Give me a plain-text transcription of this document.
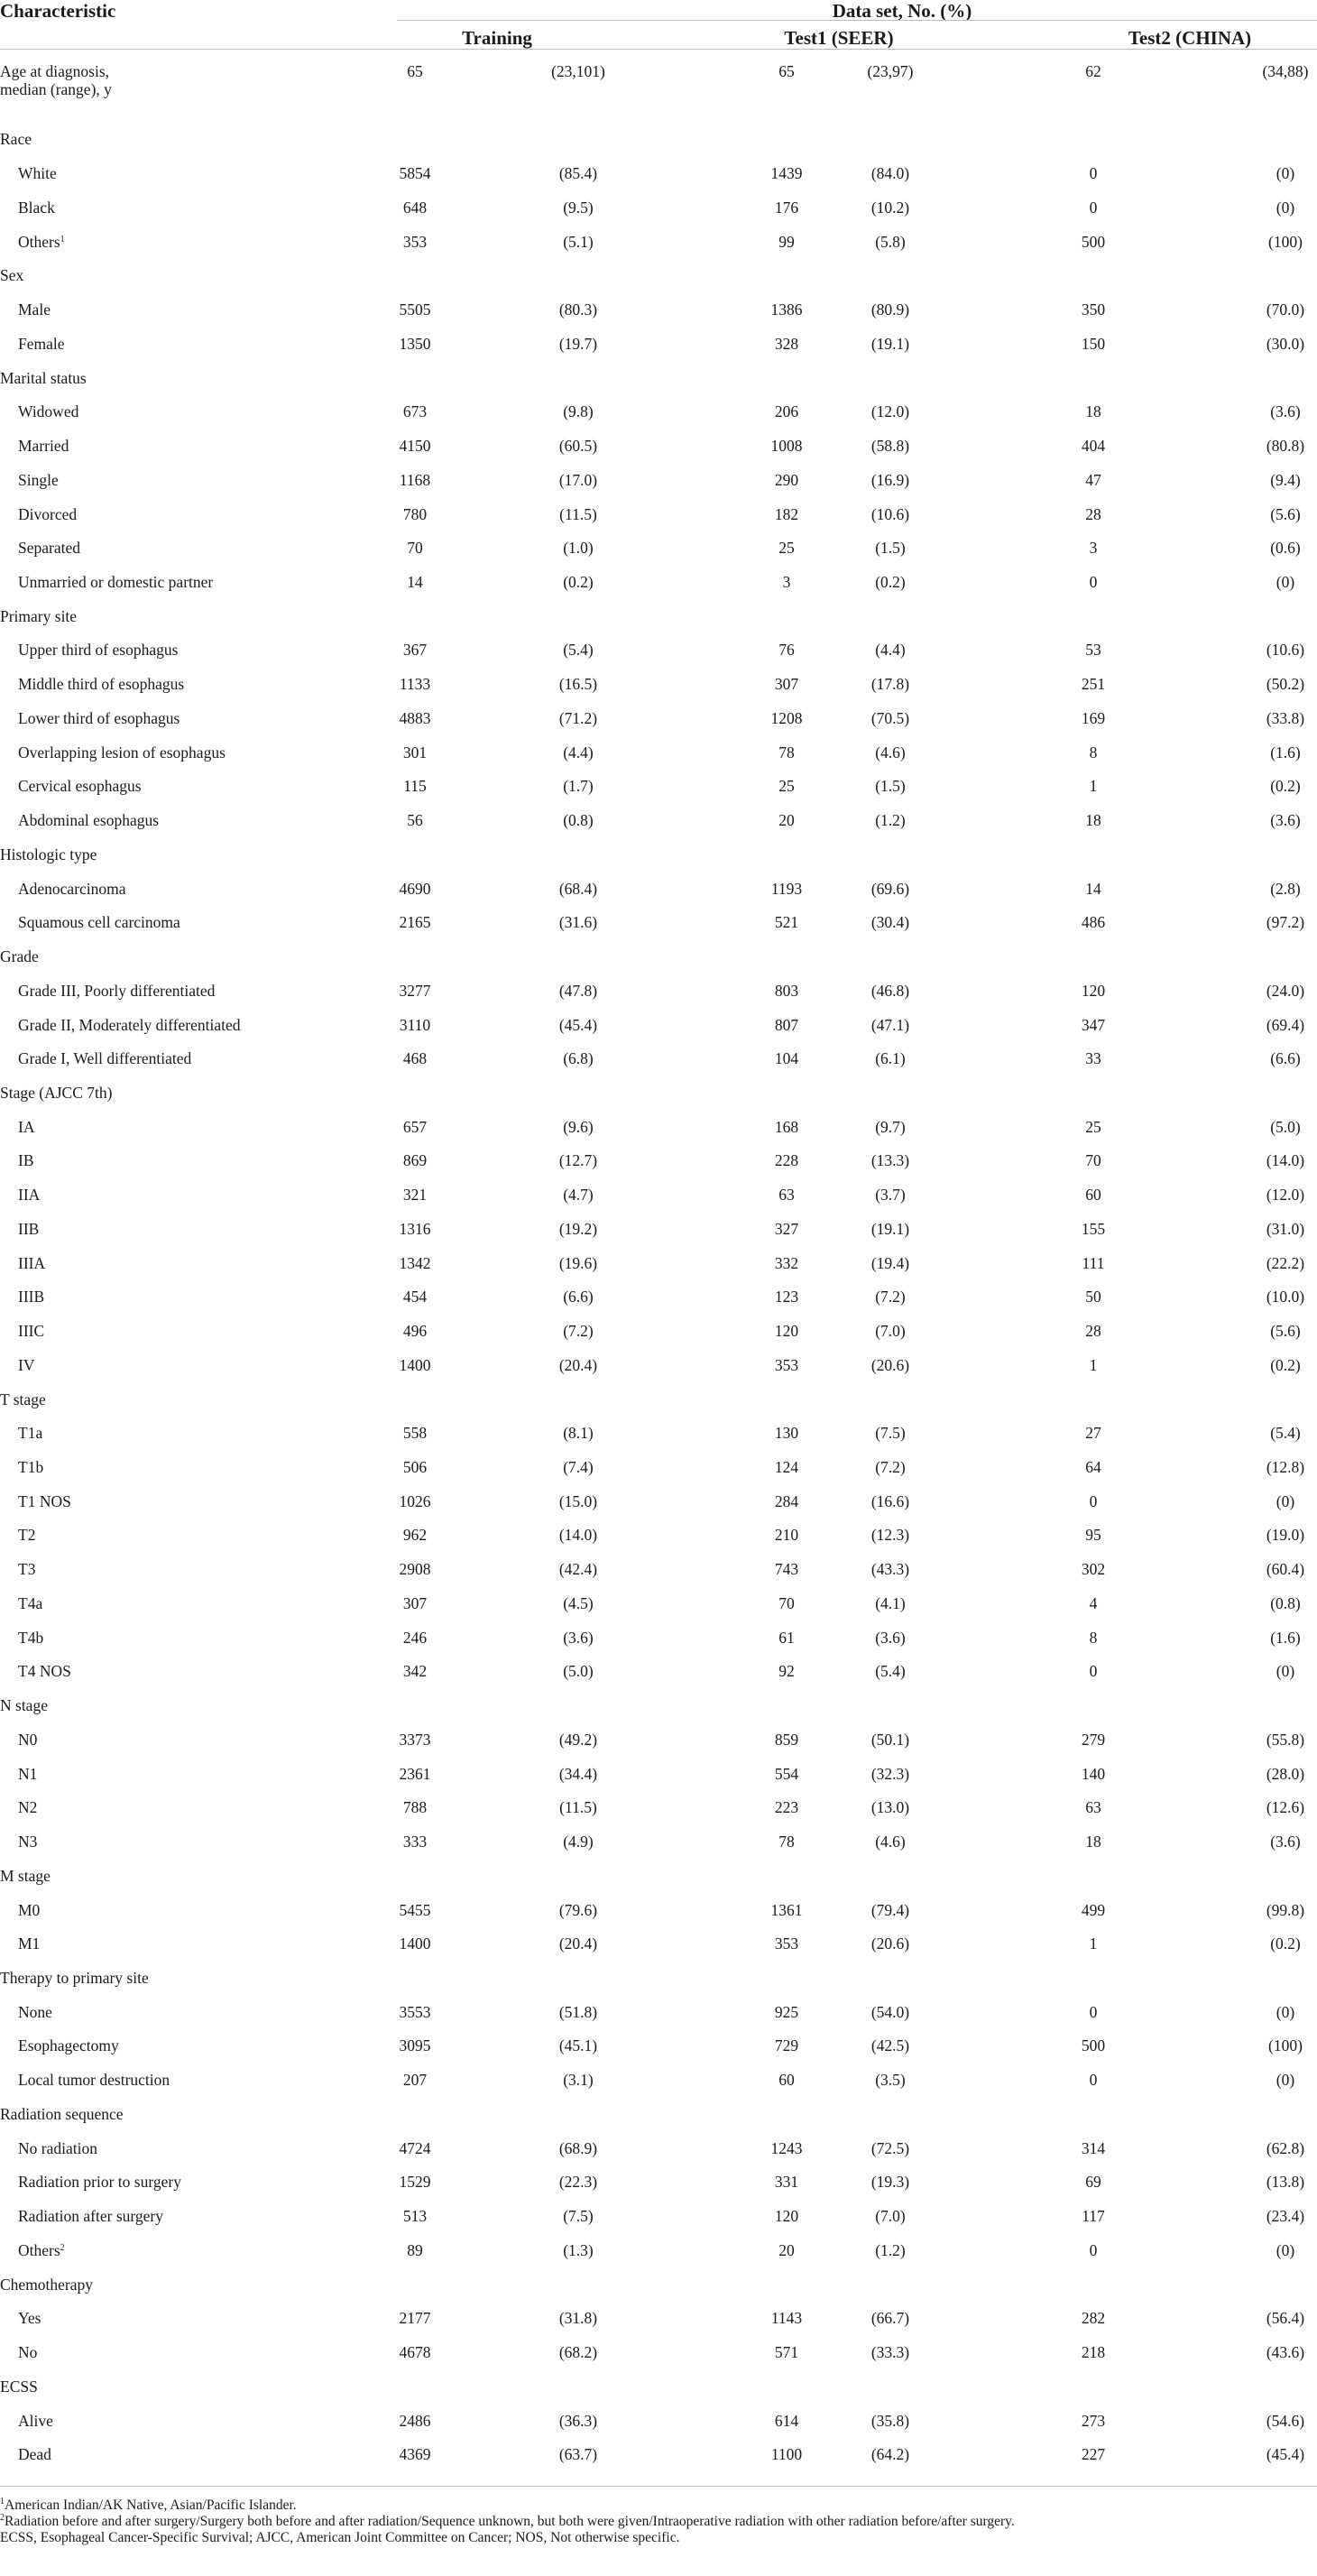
Characteristic	Data set, No. (%)
Training	Test1 (SEER)	Test2 (CHINA)
Age at diagnosis,
median (range), y
65	(23,101)	65	(23,97)	62	(34,88)
Race
White	5854	(85.4)	1439	(84.0)	0	(0)
Black	648	(9.5)	176	(10.2)	0	(0)
Others$^1$	353	(5.1)	99	(5.8)	500	(100)
Sex
Male	5505	(80.3)	1386	(80.9)	350	(70.0)
Female	1350	(19.7)	328	(19.1)	150	(30.0)
Marital status
Widowed	673	(9.8)	206	(12.0)	18	(3.6)
Married	4150	(60.5)	1008	(58.8)	404	(80.8)
Single	1168	(17.0)	290	(16.9)	47	(9.4)
Divorced	780	(11.5)	182	(10.6)	28	(5.6)
Separated	70	(1.0)	25	(1.5)	3	(0.6)
Unmarried or domestic partner	14	(0.2)	3	(0.2)	0	(0)
Primary site
Upper third of esophagus	367	(5.4)	76	(4.4)	53	(10.6)
Middle third of esophagus	1133	(16.5)	307	(17.8)	251	(50.2)
Lower third of esophagus	4883	(71.2)	1208	(70.5)	169	(33.8)
Overlapping lesion of esophagus	301	(4.4)	78	(4.6)	8	(1.6)
Cervical esophagus	115	(1.7)	25	(1.5)	1	(0.2)
Abdominal esophagus	56	(0.8)	20	(1.2)	18	(3.6)
Histologic type
Adenocarcinoma	4690	(68.4)	1193	(69.6)	14	(2.8)
Squamous cell carcinoma	2165	(31.6)	521	(30.4)	486	(97.2)
Grade
Grade III, Poorly differentiated	3277	(47.8)	803	(46.8)	120	(24.0)
Grade II, Moderately differentiated	3110	(45.4)	807	(47.1)	347	(69.4)
Grade I, Well differentiated	468	(6.8)	104	(6.1)	33	(6.6)
Stage (AJCC 7th)
IA	657	(9.6)	168	(9.7)	25	(5.0)
IB	869	(12.7)	228	(13.3)	70	(14.0)
IIA	321	(4.7)	63	(3.7)	60	(12.0)
IIB	1316	(19.2)	327	(19.1)	155	(31.0)
IIIA	1342	(19.6)	332	(19.4)	111	(22.2)
IIIB	454	(6.6)	123	(7.2)	50	(10.0)
IIIC	496	(7.2)	120	(7.0)	28	(5.6)
IV	1400	(20.4)	353	(20.6)	1	(0.2)
T stage
T1a	558	(8.1)	130	(7.5)	27	(5.4)
T1b	506	(7.4)	124	(7.2)	64	(12.8)
T1 NOS	1026	(15.0)	284	(16.6)	0	(0)
T2	962	(14.0)	210	(12.3)	95	(19.0)
T3	2908	(42.4)	743	(43.3)	302	(60.4)
T4a	307	(4.5)	70	(4.1)	4	(0.8)
T4b	246	(3.6)	61	(3.6)	8	(1.6)
T4 NOS	342	(5.0)	92	(5.4)	0	(0)
N stage
N0	3373	(49.2)	859	(50.1)	279	(55.8)
N1	2361	(34.4)	554	(32.3)	140	(28.0)
N2	788	(11.5)	223	(13.0)	63	(12.6)
N3	333	(4.9)	78	(4.6)	18	(3.6)
M stage
M0	5455	(79.6)	1361	(79.4)	499	(99.8)
M1	1400	(20.4)	353	(20.6)	1	(0.2)
Therapy to primary site
None	3553	(51.8)	925	(54.0)	0	(0)
Esophagectomy	3095	(45.1)	729	(42.5)	500	(100)
Local tumor destruction	207	(3.1)	60	(3.5)	0	(0)
Radiation sequence
No radiation	4724	(68.9)	1243	(72.5)	314	(62.8)
Radiation prior to surgery	1529	(22.3)	331	(19.3)	69	(13.8)
Radiation after surgery	513	(7.5)	120	(7.0)	117	(23.4)
Others$^2$	89	(1.3)	20	(1.2)	0	(0)
Chemotherapy
Yes	2177	(31.8)	1143	(66.7)	282	(56.4)
No	4678	(68.2)	571	(33.3)	218	(43.6)
ECSS
Alive	2486	(36.3)	614	(35.8)	273	(54.6)
Dead	4369	(63.7)	1100	(64.2)	227	(45.4)
$^1$American Indian/AK Native, Asian/Pacific Islander.
$^2$Radiation before and after surgery/Surgery both before and after radiation/Sequence unknown, but both were given/Intraoperative radiation with other radiation before/after surgery.
ECSS, Esophageal Cancer-Specific Survival; AJCC, American Joint Committee on Cancer; NOS, Not otherwise specific.
